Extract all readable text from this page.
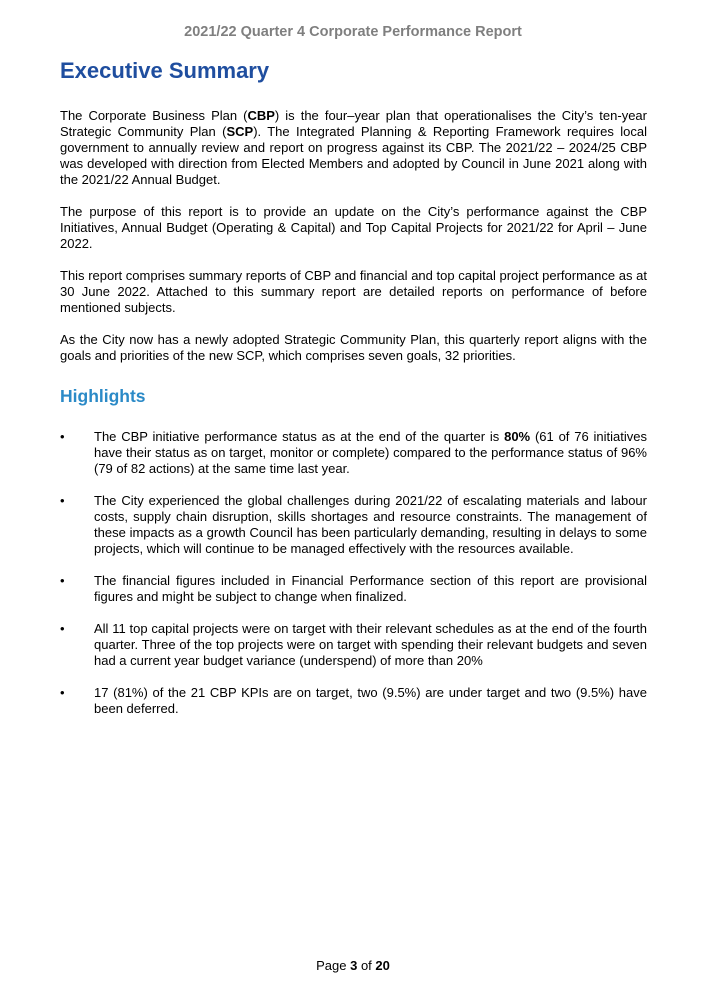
2021/22 Quarter 4 Corporate Performance Report
Executive Summary

The Corporate Business Plan (CBP) is the four–year plan that operationalises the City’s ten-year Strategic Community Plan (SCP). The Integrated Planning & Reporting Framework requires local government to annually review and report on progress against its CBP. The 2021/22 – 2024/25 CBP was developed with direction from Elected Members and adopted by Council in June 2021 along with the 2021/22 Annual Budget.

The purpose of this report is to provide an update on the City’s performance against the CBP Initiatives, Annual Budget (Operating & Capital) and Top Capital Projects for 2021/22 for April – June 2022.

This report comprises summary reports of CBP and financial and top capital project performance as at 30 June 2022. Attached to this summary report are detailed reports on performance of before mentioned subjects.

As the City now has a newly adopted Strategic Community Plan, this quarterly report aligns with the goals and priorities of the new SCP, which comprises seven goals, 32 priorities.

Highlights
•	The CBP initiative performance status as at the end of the quarter is 80% (61 of 76 initiatives have their status as on target, monitor or complete) compared to the performance status of 96% (79 of 82 actions) at the same time last year.
•	The City experienced the global challenges during 2021/22 of escalating materials and labour costs, supply chain disruption, skills shortages and resource constraints. The management of these impacts as a growth Council has been particularly demanding, resulting in delays to some projects, which will continue to be managed effectively with the resources available.
•	The financial figures included in Financial Performance section of this report are provisional figures and might be subject to change when finalized.
•	All 11 top capital projects were on target with their relevant schedules as at the end of the fourth quarter. Three of the top projects were on target with spending their relevant budgets and seven had a current year budget variance (underspend) of more than 20%
•	17 (81%) of the 21 CBP KPIs are on target, two (9.5%) are under target and two (9.5%) have been deferred.
Page 3 of 20
